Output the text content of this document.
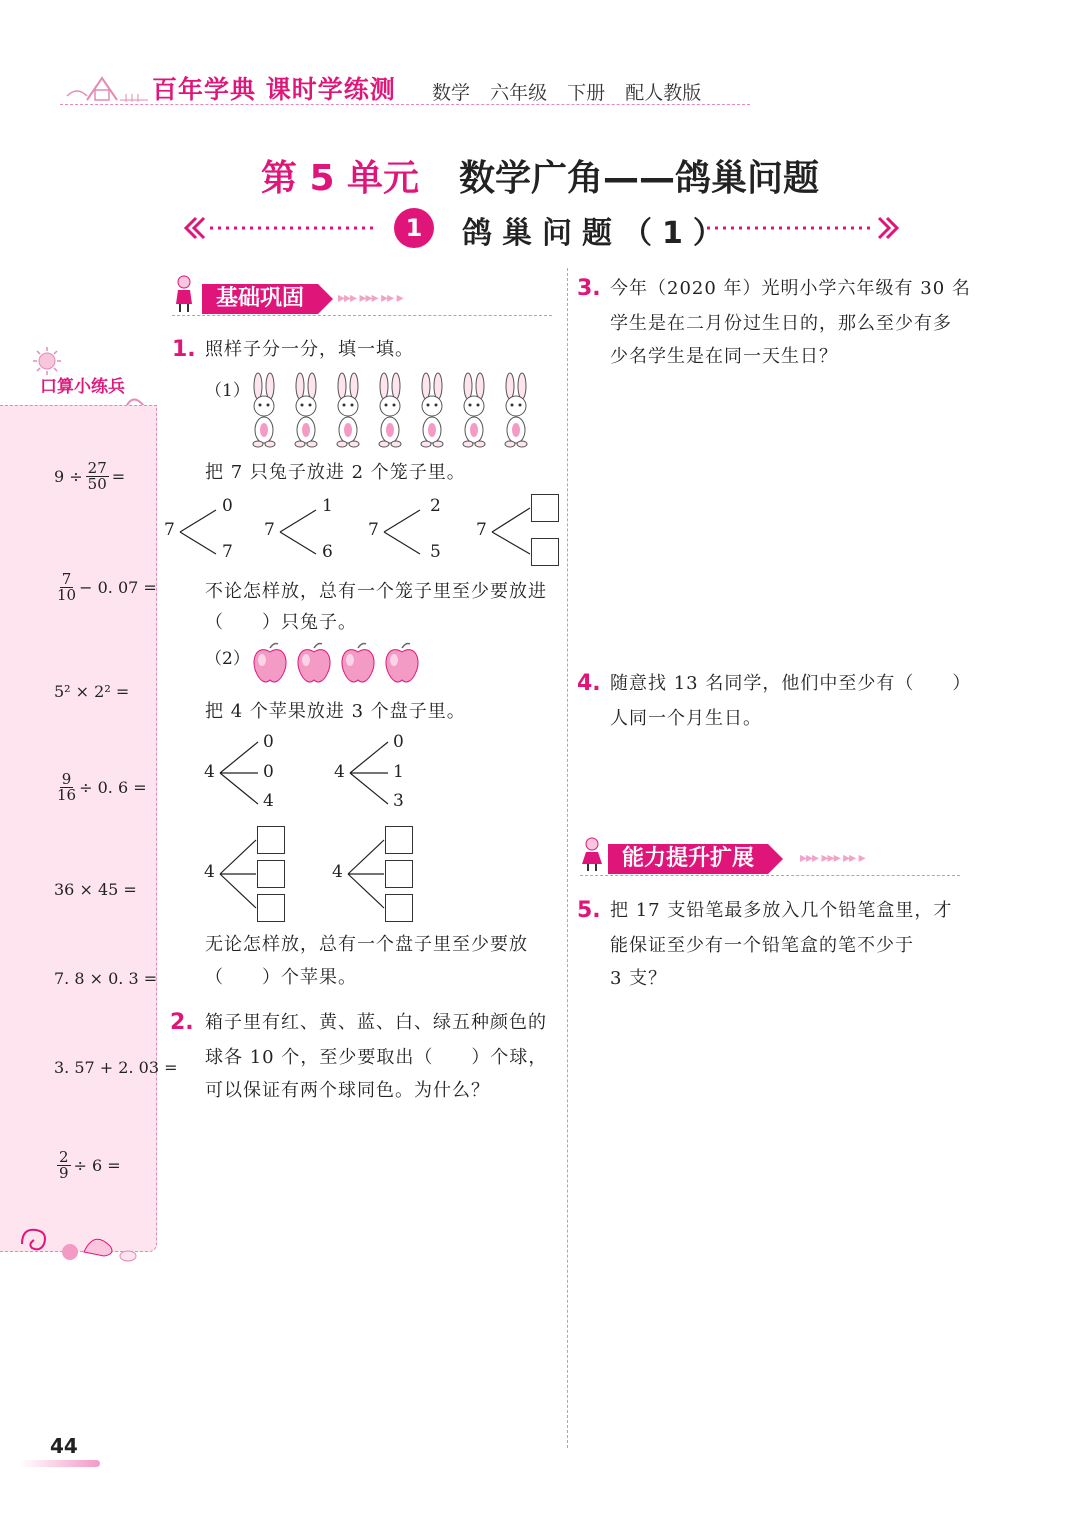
百年学典 课时学练测 数学 六年级 下册 配人教版
第 5 单元 数学广角——鸽巢问题
1	鸽巢问题（1）
口算小练兵
$9 \div \frac{27}{50}$ =
$\frac{7}{10} - 0$. 07 =
5² × 2² =
$\frac{9}{16} \div 0$. 6 =
36 × 45 =
7. 8 × 0. 3 =
3. 57 + 2. 03 =
$\frac{2}{9} \div 6$ =
基础巩固	▸▸▸ ▸▸▸ ▸▸ ▸
1. 照样子分一分，填一填。
（1）
把 7 只兔子放进 2 个笼子里。
7
0
7
7
1
6
7
2
5
7
不论怎样放，总有一个笼子里至少要放进
（　　）只兔子。
（2）
把 4 个苹果放进 3 个盘子里。
4
0
0
4
4
0
1
3
4	4
无论怎样放，总有一个盘子里至少要放
（　　）个苹果。
2. 箱子里有红、黄、蓝、白、绿五种颜色的
球各 10 个，至少要取出（　　）个球，
可以保证有两个球同色。为什么？
3. 今年（2020 年）光明小学六年级有 30 名
学生是在二月份过生日的，那么至少有多
少名学生是在同一天生日？
4. 随意找 13 名同学，他们中至少有（　　）
人同一个月生日。
能力提升扩展	▸▸▸ ▸▸▸ ▸▸ ▸
5. 把 17 支铅笔最多放入几个铅笔盒里，才
能保证至少有一个铅笔盒的笔不少于
3 支？
44
